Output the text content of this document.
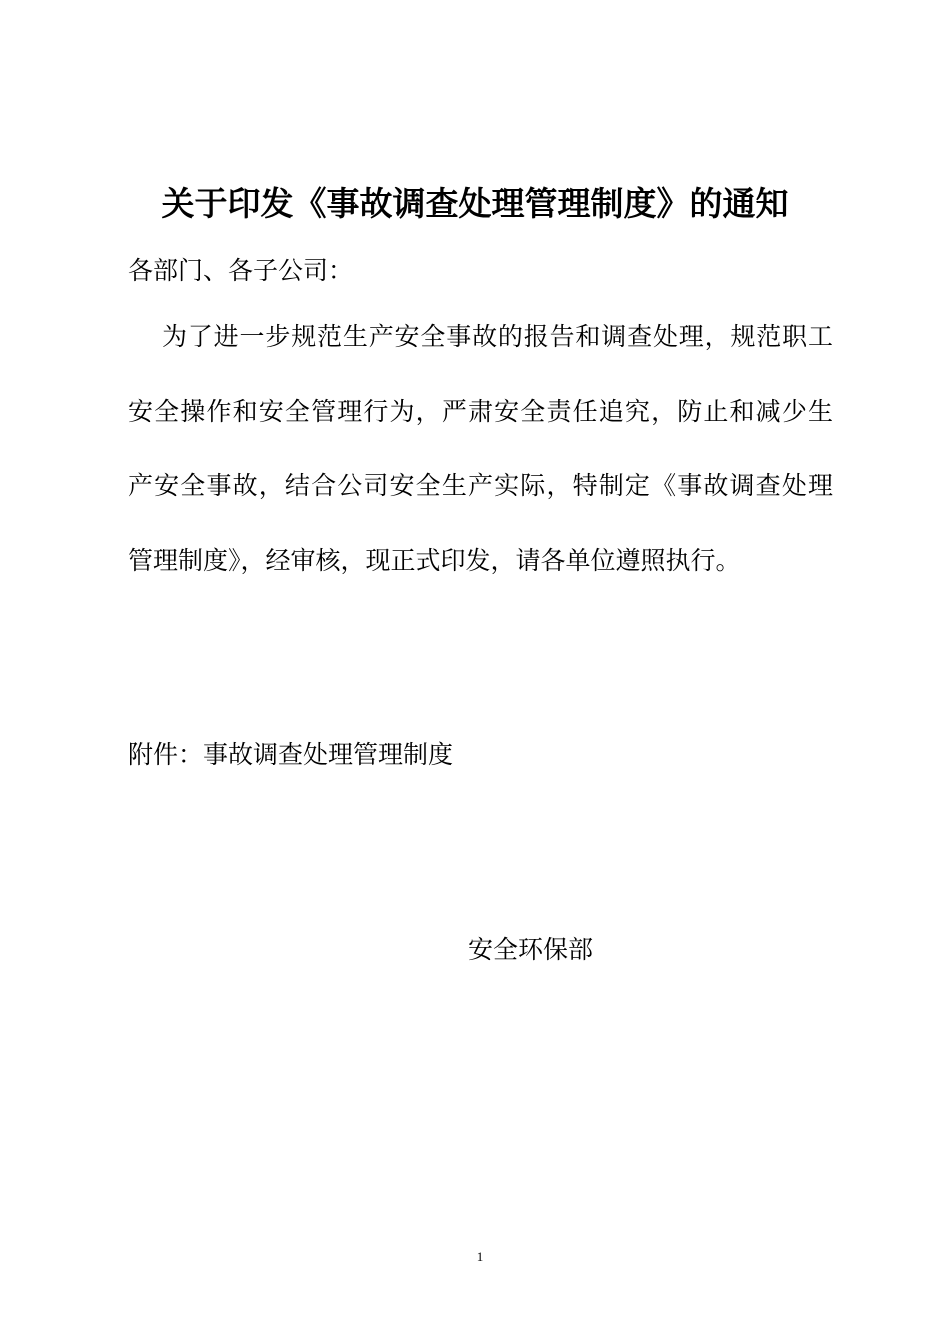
关于印发《事故调查处理管理制度》的通知

各部门、各子公司：

为了进一步规范生产安全事故的报告和调查处理，规范职工
安全操作和安全管理行为，严肃安全责任追究，防止和减少生
产安全事故，结合公司安全生产实际，特制定《事故调查处理
管理制度》，经审核，现正式印发，请各单位遵照执行。

附件：事故调查处理管理制度

安全环保部

1
